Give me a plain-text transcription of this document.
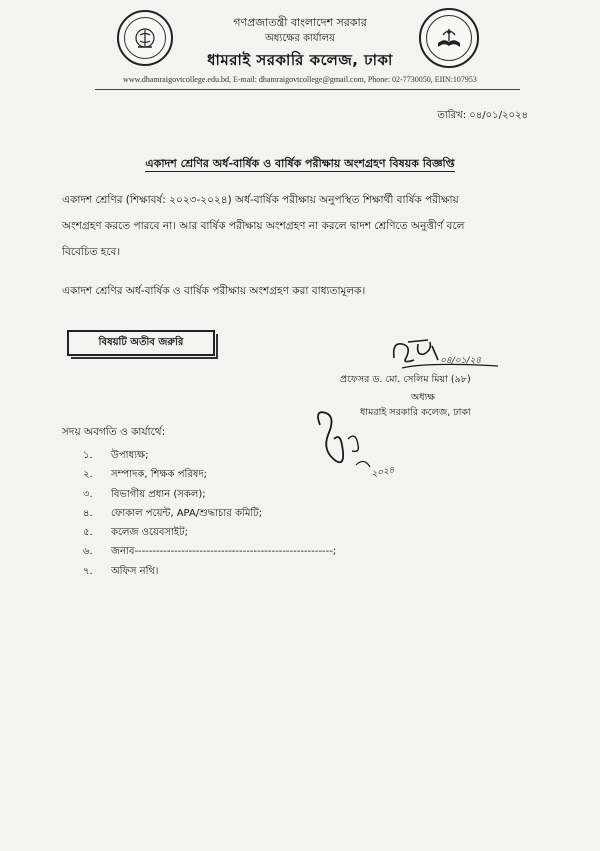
গণপ্রজাতন্ত্রী বাংলাদেশ সরকার
অধ্যক্ষের কার্যালয়
ধামরাই সরকারি কলেজ, ঢাকা
www.dhamraigovtcollege.edu.bd, E-mail: dhamraigovtcollege@gmail.com, Phone: 02-7730050, EIIN:107953
তারিখ: ০৪/০১/২০২৪
একাদশ শ্রেণির অর্ধ-বার্ষিক ও বার্ষিক পরীক্ষায় অংশগ্রহণ বিষয়ক বিজ্ঞপ্তি
একাদশ শ্রেণির (শিক্ষাবর্ষ: ২০২৩-২০২৪) অর্ধ-বার্ষিক পরীক্ষায় অনুপস্থিত শিক্ষার্থী বার্ষিক পরীক্ষায়
অংশগ্রহণ করতে পারবে না। আর বার্ষিক পরীক্ষায় অংশগ্রহণ না করলে দ্বাদশ শ্রেণিতে অনুত্তীর্ণ বলে
বিবেচিত হবে।
একাদশ শ্রেণির অর্ধ-বার্ষিক ও বার্ষিক পরীক্ষায় অংশগ্রহণ করা বাধ্যতামূলক।
বিষয়টি অতীব জরুরি
০৪/০১/২৪
প্রফেসর ড. মো. সেলিম মিয়া (৯৮)
অধ্যক্ষ
ধামরাই সরকারি কলেজ, ঢাকা
সদয় অবগতি ও কার্যার্থে:
১. উপাধ্যক্ষ;
২. সম্পাদক, শিক্ষক পরিষদ;
৩. বিভাগীয় প্রধান (সকল);
৪. ফোকাল পয়েন্ট, APA/শুদ্ধাচার কমিটি;
৫. কলেজ ওয়েবসাইট;
৬. জনাব-------------------------------------------------------;
৭. অফিস নথি।
২০২৪
